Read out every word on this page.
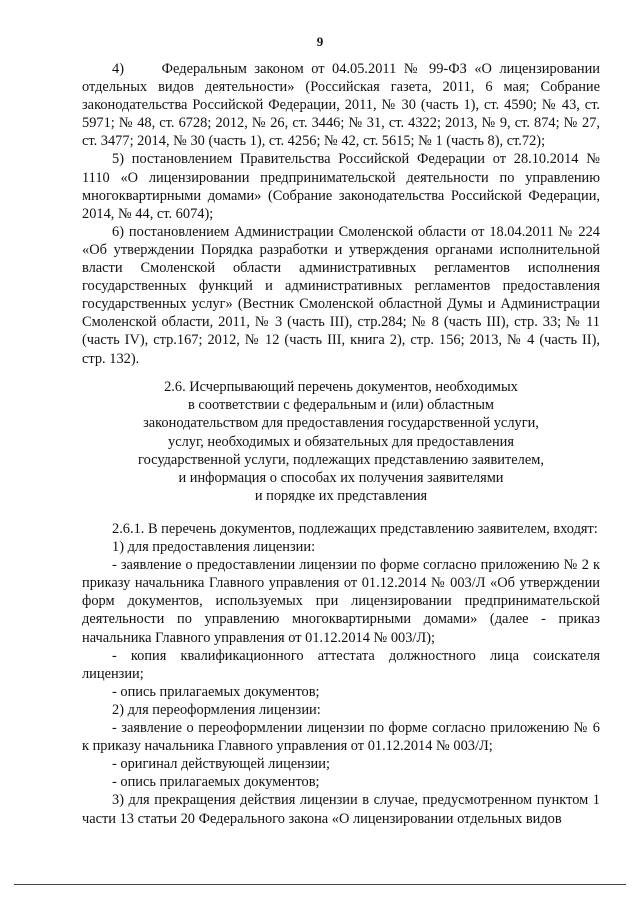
9

4)     Федеральным законом от 04.05.2011 № 99-ФЗ «О лицензировании отдельных видов деятельности» (Российская газета, 2011, 6 мая; Собрание законодательства Российской Федерации, 2011, № 30 (часть 1), ст. 4590; № 43, ст. 5971; № 48, ст. 6728; 2012, № 26, ст. 3446; № 31, ст. 4322; 2013, № 9, ст. 874; № 27, ст. 3477; 2014, № 30 (часть 1), ст. 4256; № 42, ст. 5615; № 1 (часть 8), ст.72);

5) постановлением Правительства Российской Федерации от 28.10.2014 № 1110 «О лицензировании предпринимательской деятельности по управлению многоквартирными домами» (Собрание законодательства Российской Федерации, 2014, № 44, ст. 6074);

6) постановлением Администрации Смоленской области от 18.04.2011 № 224 «Об утверждении Порядка разработки и утверждения органами исполнительной власти Смоленской области административных регламентов исполнения государственных функций и административных регламентов предоставления государственных услуг» (Вестник Смоленской областной Думы и Администрации Смоленской области, 2011, № 3 (часть III), стр.284; № 8 (часть III), стр. 33; № 11 (часть IV), стр.167; 2012, № 12 (часть III, книга 2), стр. 156; 2013, № 4 (часть II), стр. 132).

2.6. Исчерпывающий перечень документов, необходимых
в соответствии с федеральным и (или) областным
законодательством для предоставления государственной услуги,
услуг, необходимых и обязательных для предоставления
государственной услуги, подлежащих представлению заявителем,
и информация о способах их получения заявителями
и порядке их представления

2.6.1. В перечень документов, подлежащих представлению заявителем, входят:

1) для предоставления лицензии:

- заявление о предоставлении лицензии по форме согласно приложению № 2 к приказу начальника Главного управления от 01.12.2014 № 003/Л «Об утверждении форм документов, используемых при лицензировании предпринимательской деятельности по управлению многоквартирными домами» (далее - приказ начальника Главного управления от 01.12.2014 № 003/Л);

- копия квалификационного аттестата должностного лица соискателя лицензии;

- опись прилагаемых документов;

2) для переоформления лицензии:

- заявление о переоформлении лицензии по форме согласно приложению № 6 к приказу начальника Главного управления от 01.12.2014 № 003/Л;

- оригинал действующей лицензии;

- опись прилагаемых документов;

3) для прекращения действия лицензии в случае, предусмотренном пунктом 1 части 13 статьи 20 Федерального закона «О лицензировании отдельных видов
